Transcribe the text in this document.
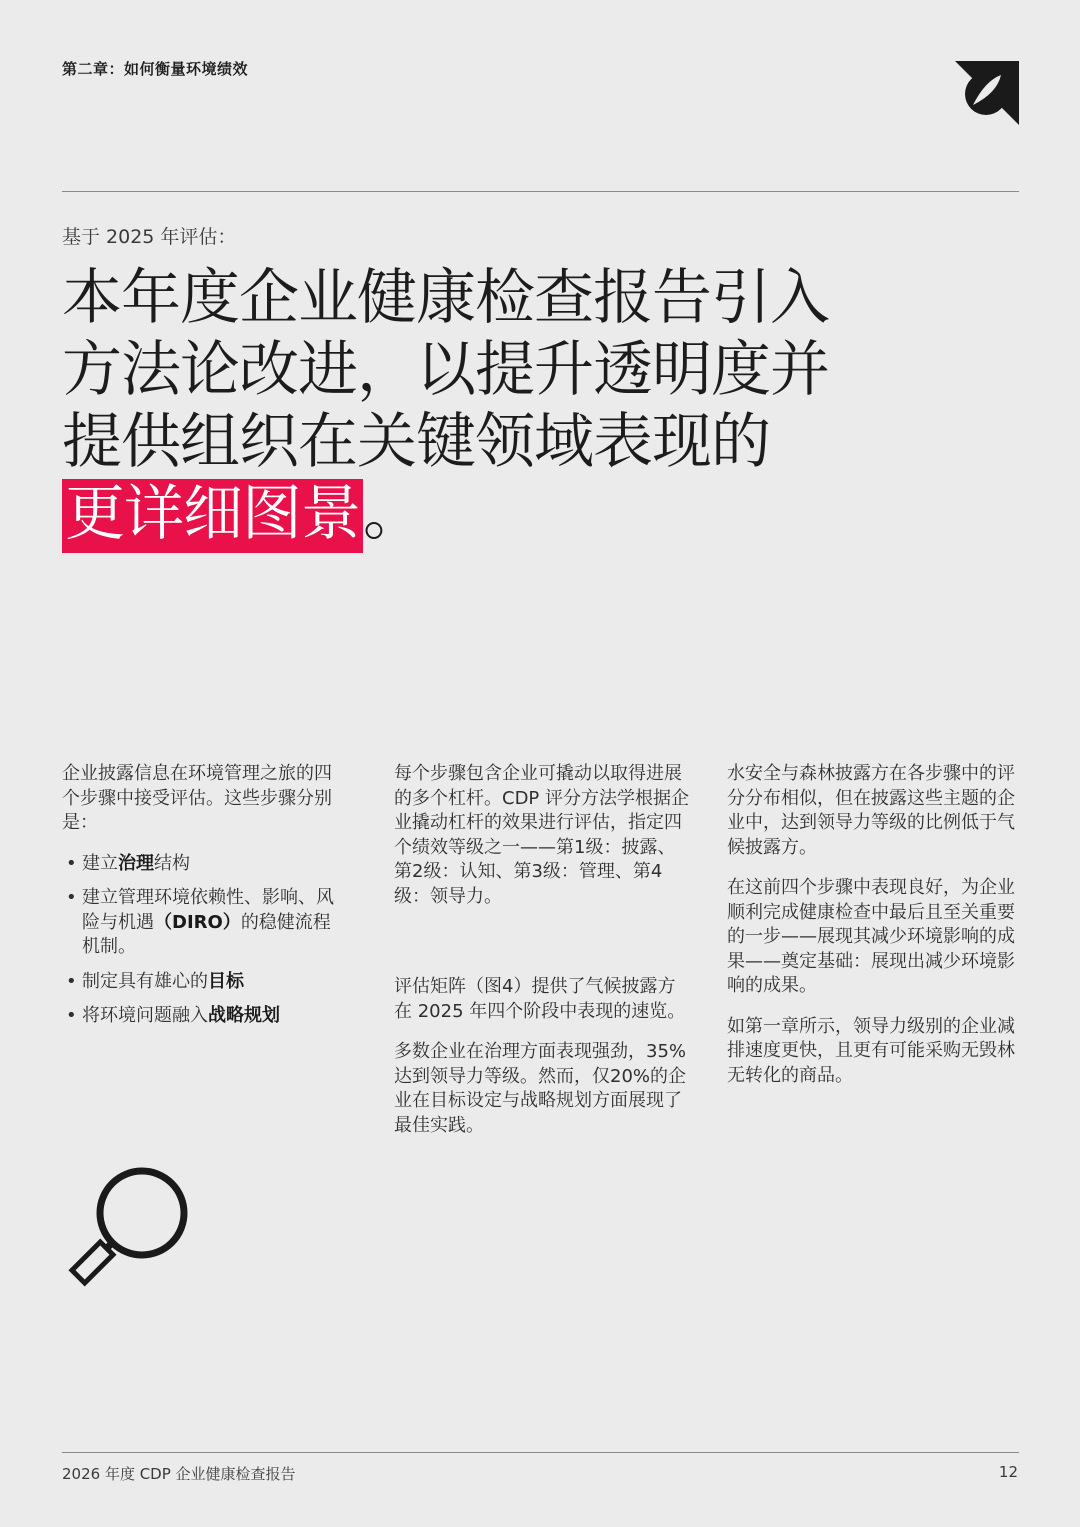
第二章：如何衡量环境绩效
基于 2025 年评估：
本年度企业健康检查报告引入
方法论改进，以提升透明度并
提供组织在关键领域表现的
更详细图景。

企业披露信息在环境管理之旅的四个步骤中接受评估。这些步骤分别是：

• 建立治理结构
• 建立管理环境依赖性、影响、风险与机遇（DIRO）的稳健流程机制。
• 制定具有雄心的目标
• 将环境问题融入战略规划

每个步骤包含企业可撬动以取得进展的多个杠杆。CDP 评分方法学根据企业撬动杠杆的效果进行评估，指定四个绩效等级之一——第1级：披露、第2级：认知、第3级：管理、第4级：领导力。

评估矩阵（图4）提供了气候披露方在 2025 年四个阶段中表现的速览。

多数企业在治理方面表现强劲，35%达到领导力等级。然而，仅20%的企业在目标设定与战略规划方面展现了最佳实践。

水安全与森林披露方在各步骤中的评分分布相似，但在披露这些主题的企业中，达到领导力等级的比例低于气候披露方。

在这前四个步骤中表现良好，为企业顺利完成健康检查中最后且至关重要的一步——展现其减少环境影响的成果——奠定基础：展现出减少环境影响的成果。

如第一章所示，领导力级别的企业减排速度更快，且更有可能采购无毁林无转化的商品。

2026 年度 CDP 企业健康检查报告	12
